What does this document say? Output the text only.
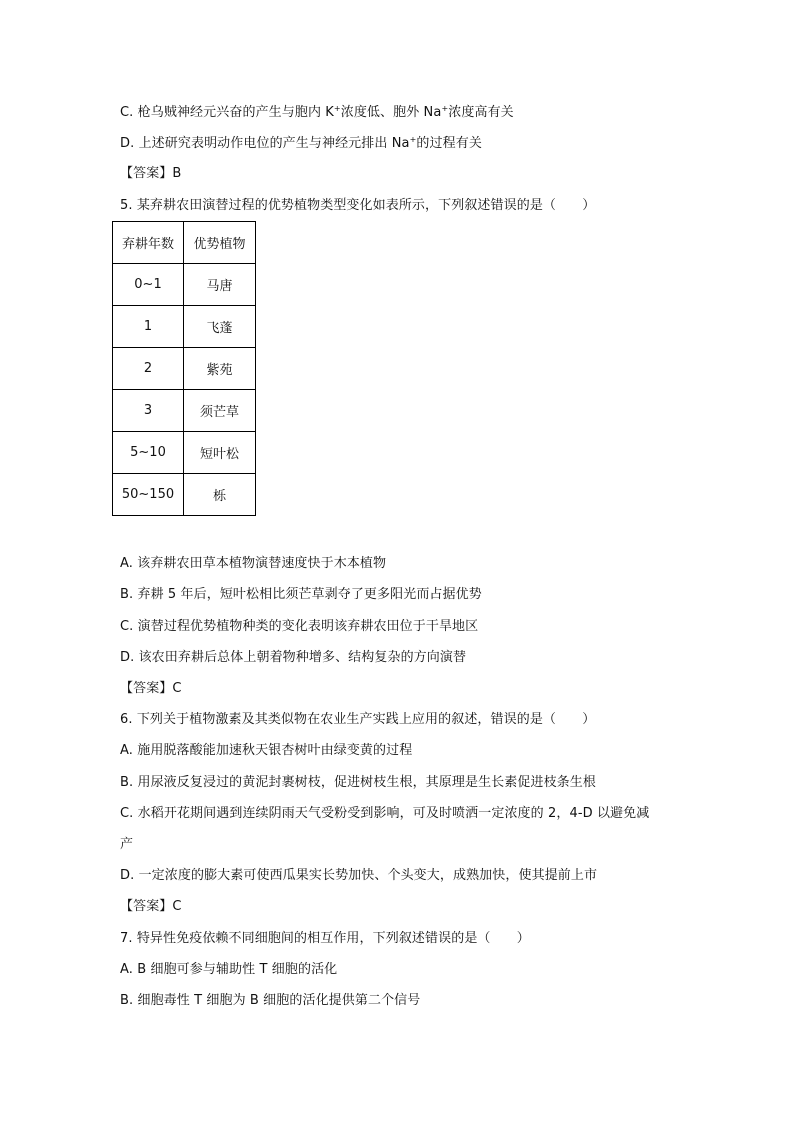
C. 枪乌贼神经元兴奋的产生与胞内 K+浓度低、胞外 Na+浓度高有关
D. 上述研究表明动作电位的产生与神经元排出 Na+的过程有关
【答案】B
5. 某弃耕农田演替过程的优势植物类型变化如表所示，下列叙述错误的是（　　）
弃耕年数	优势植物
0~1	马唐
1	飞蓬
2	紫苑
3	须芒草
5~10	短叶松
50~150	栎
A. 该弃耕农田草本植物演替速度快于木本植物
B. 弃耕 5 年后，短叶松相比须芒草剥夺了更多阳光而占据优势
C. 演替过程优势植物种类的变化表明该弃耕农田位于干旱地区
D. 该农田弃耕后总体上朝着物种增多、结构复杂的方向演替
【答案】C
6. 下列关于植物激素及其类似物在农业生产实践上应用的叙述，错误的是（　　）
A. 施用脱落酸能加速秋天银杏树叶由绿变黄的过程
B. 用尿液反复浸过的黄泥封裹树枝，促进树枝生根，其原理是生长素促进枝条生根
C. 水稻开花期间遇到连续阴雨天气受粉受到影响，可及时喷洒一定浓度的 2，4-D 以避免减
产
D. 一定浓度的膨大素可使西瓜果实长势加快、个头变大，成熟加快，使其提前上市
【答案】C
7. 特异性免疫依赖不同细胞间的相互作用，下列叙述错误的是（　　）
A. B 细胞可参与辅助性 T 细胞的活化
B. 细胞毒性 T 细胞为 B 细胞的活化提供第二个信号
